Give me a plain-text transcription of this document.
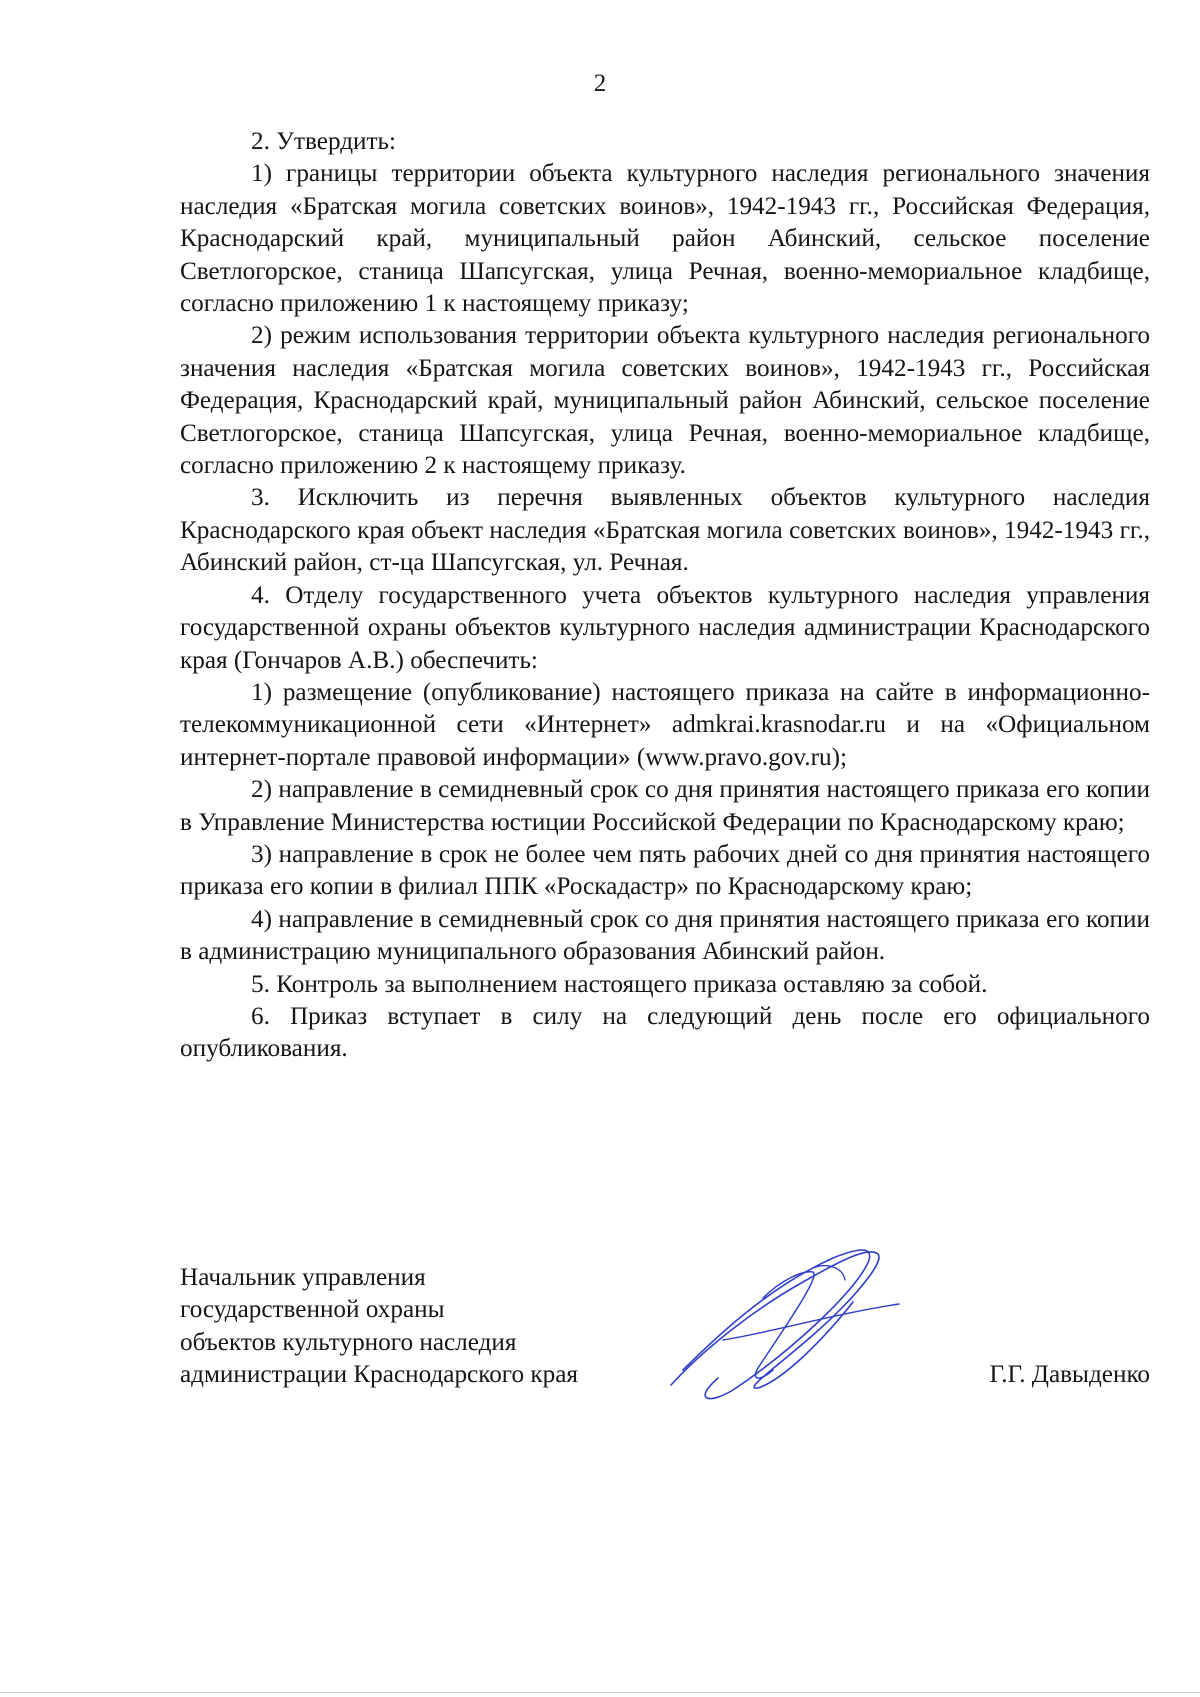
2

2. Утвердить:

1) границы территории объекта культурного наследия регионального значения наследия «Братская могила советских воинов», 1942-1943 гг., Российская Федерация, Краснодарский край, муниципальный район Абинский, сельское поселение Светлогорское, станица Шапсугская, улица Речная, военно-мемориальное кладбище, согласно приложению 1 к настоящему приказу;

2) режим использования территории объекта культурного наследия регионального значения наследия «Братская могила советских воинов», 1942-1943 гг., Российская Федерация, Краснодарский край, муниципальный район Абинский, сельское поселение Светлогорское, станица Шапсугская, улица Речная, военно-мемориальное кладбище, согласно приложению 2 к настоящему приказу.

3. Исключить из перечня выявленных объектов культурного наследия Краснодарского края объект наследия «Братская могила советских воинов», 1942-1943 гг., Абинский район, ст-ца Шапсугская, ул. Речная.

4. Отделу государственного учета объектов культурного наследия управления государственной охраны объектов культурного наследия администрации Краснодарского края (Гончаров А.В.) обеспечить:

1) размещение (опубликование) настоящего приказа на сайте в информационно-телекоммуникационной сети «Интернет» admkrai.krasnodar.ru и на «Официальном интернет-портале правовой информации» (www.pravo.gov.ru);

2) направление в семидневный срок со дня принятия настоящего приказа его копии в Управление Министерства юстиции Российской Федерации по Краснодарскому краю;

3) направление в срок не более чем пять рабочих дней со дня принятия настоящего приказа его копии в филиал ППК «Роскадастр» по Краснодарскому краю;

4) направление в семидневный срок со дня принятия настоящего приказа его копии в администрацию муниципального образования Абинский район.

5. Контроль за выполнением настоящего приказа оставляю за собой.

6. Приказ вступает в силу на следующий день после его официального опубликования.

Начальник управления
государственной охраны
объектов культурного наследия
администрации Краснодарского края	Г.Г. Давыденко
